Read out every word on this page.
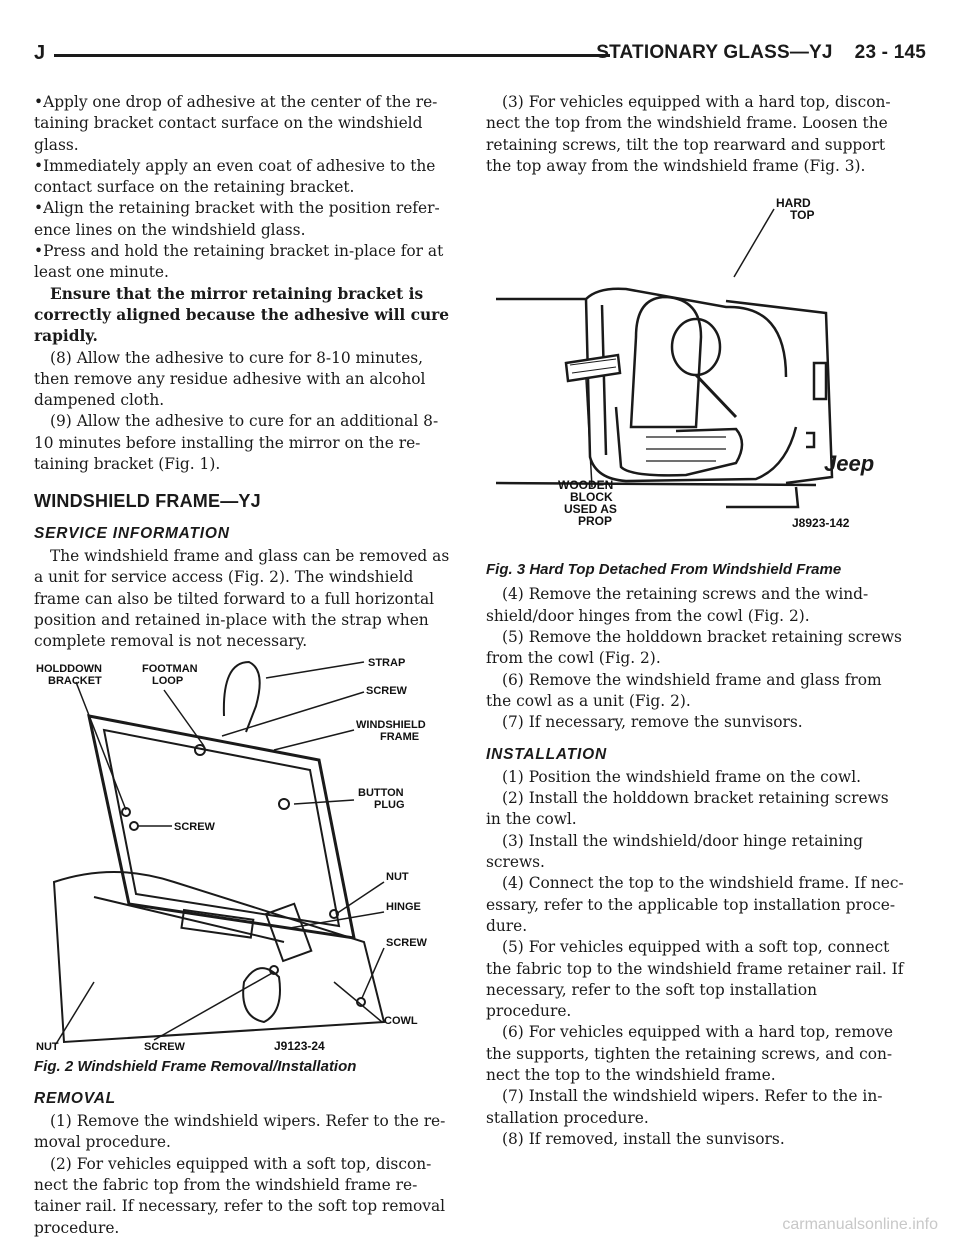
J	STATIONARY GLASS—YJ 23 - 145

•Apply one drop of adhesive at the center of the re-taining bracket contact surface on the windshield glass.

•Immediately apply an even coat of adhesive to the contact surface on the retaining bracket.

•Align the retaining bracket with the position refer-ence lines on the windshield glass.

•Press and hold the retaining bracket in-place for at least one minute.

Ensure that the mirror retaining bracket is correctly aligned because the adhesive will cure rapidly.

(8) Allow the adhesive to cure for 8-10 minutes, then remove any residue adhesive with an alcohol dampened cloth.

(9) Allow the adhesive to cure for an additional 8-10 minutes before installing the mirror on the re-taining bracket (Fig. 1).

WINDSHIELD FRAME—YJ
SERVICE INFORMATION

The windshield frame and glass can be removed as a unit for service access (Fig. 2). The windshield frame can also be tilted forward to a full horizontal position and retained in-place with the strap when complete removal is not necessary.

HOLDDOWN
BRACKET
FOOTMAN
LOOP
STRAP
SCREW
WINDSHIELD
FRAME
BUTTON
PLUG
SCREW
NUT
HINGE
SCREW
COWL
NUT	SCREW	J9123-24

Fig. 2 Windshield Frame Removal/Installation

REMOVAL

(1) Remove the windshield wipers. Refer to the re-moval procedure.

(2) For vehicles equipped with a soft top, discon-nect the fabric top from the windshield frame re-tainer rail. If necessary, refer to the soft top removal procedure.

(3) For vehicles equipped with a hard top, discon-nect the top from the windshield frame. Loosen the retaining screws, tilt the top rearward and support the top away from the windshield frame (Fig. 3).

HARD
TOP
WOODEN
BLOCK
USED AS
PROP
Jeep
J8923-142

Fig. 3 Hard Top Detached From Windshield Frame

(4) Remove the retaining screws and the wind-shield/door hinges from the cowl (Fig. 2).

(5) Remove the holddown bracket retaining screws from the cowl (Fig. 2).

(6) Remove the windshield frame and glass from the cowl as a unit (Fig. 2).

(7) If necessary, remove the sunvisors.

INSTALLATION

(1) Position the windshield frame on the cowl.

(2) Install the holddown bracket retaining screws in the cowl.

(3) Install the windshield/door hinge retaining screws.

(4) Connect the top to the windshield frame. If nec-essary, refer to the applicable top installation proce-dure.

(5) For vehicles equipped with a soft top, connect the fabric top to the windshield frame retainer rail. If necessary, refer to the soft top installation procedure.

(6) For vehicles equipped with a hard top, remove the supports, tighten the retaining screws, and con-nect the top to the windshield frame.

(7) Install the windshield wipers. Refer to the in-stallation procedure.

(8) If removed, install the sunvisors.

carmanualsonline.info
